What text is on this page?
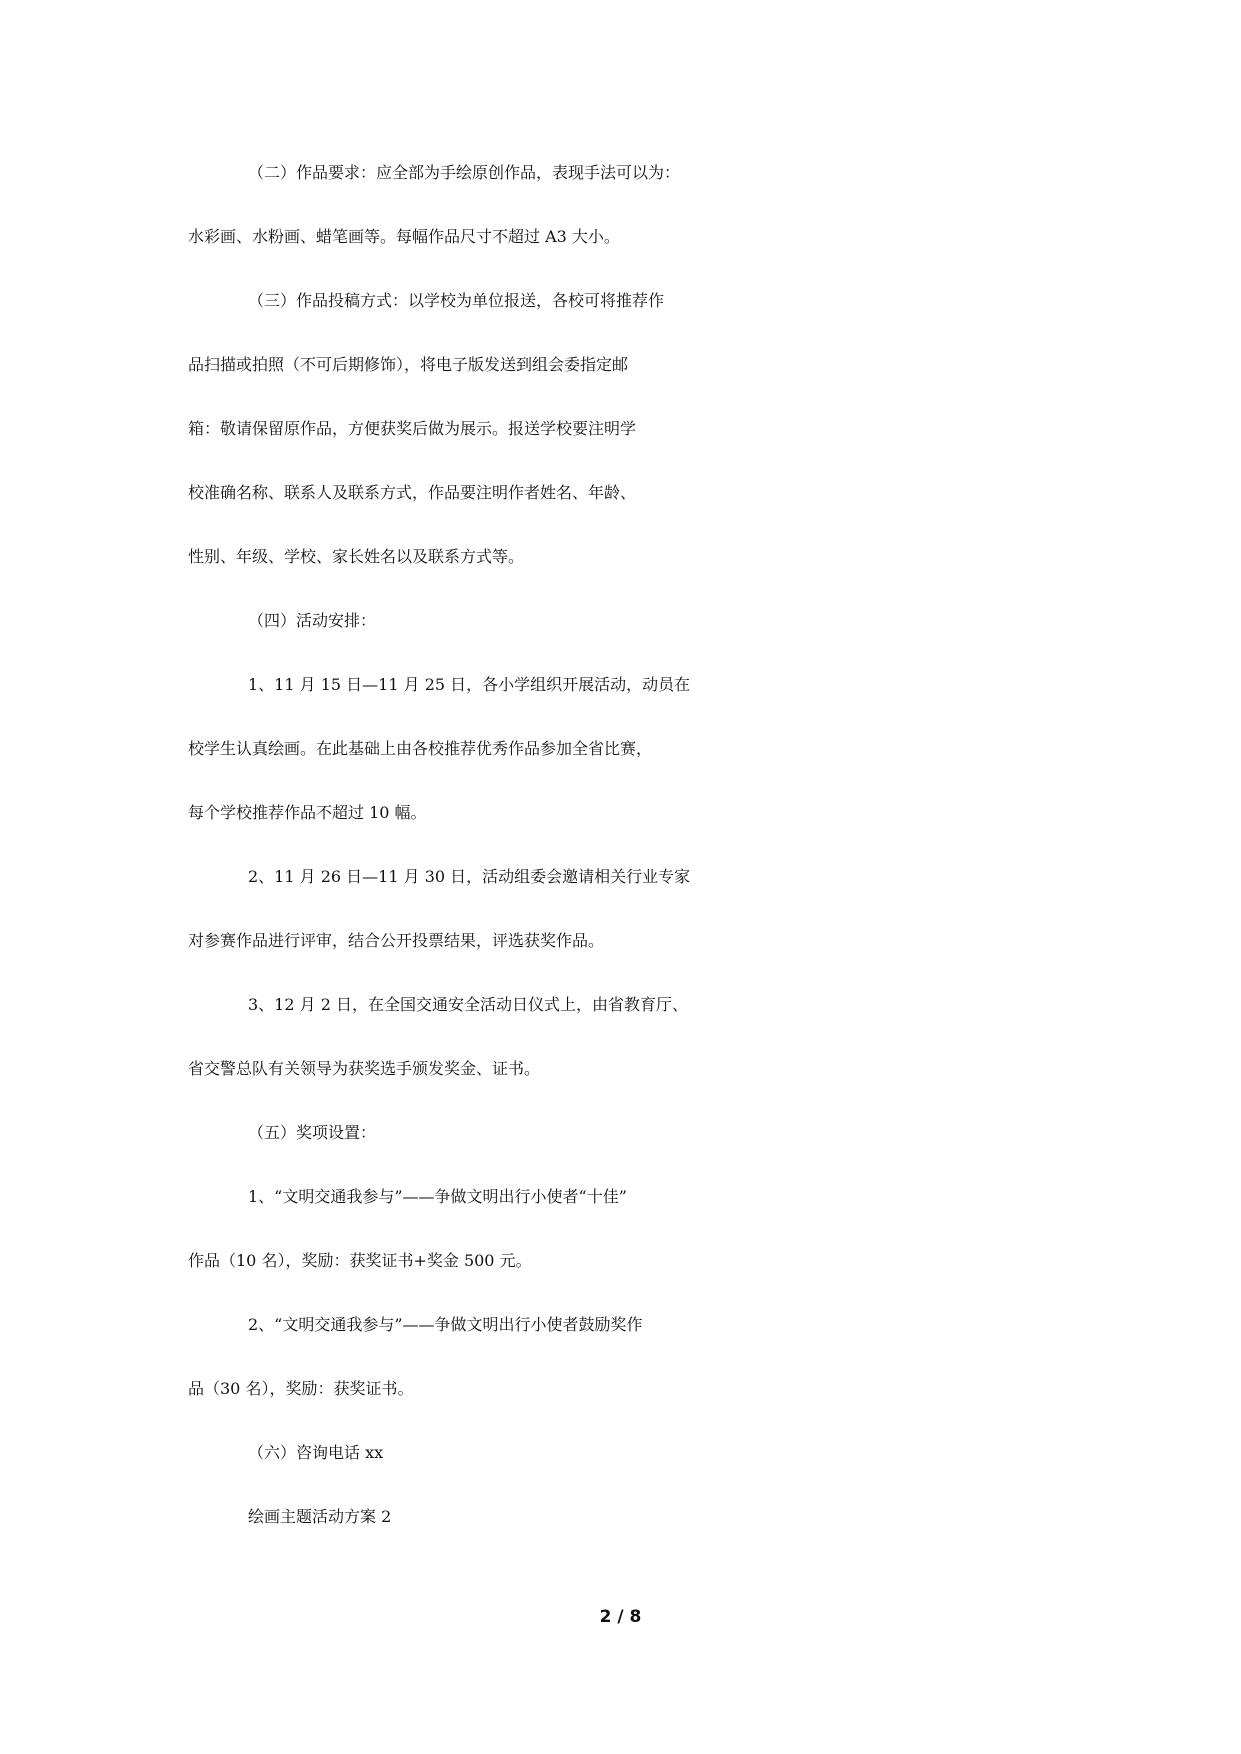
（二）作品要求：应全部为手绘原创作品，表现手法可以为：
水彩画、水粉画、蜡笔画等。每幅作品尺寸不超过 A3 大小。
（三）作品投稿方式：以学校为单位报送，各校可将推荐作
品扫描或拍照（不可后期修饰），将电子版发送到组会委指定邮
箱：敬请保留原作品，方便获奖后做为展示。报送学校要注明学
校准确名称、联系人及联系方式，作品要注明作者姓名、年龄、
性别、年级、学校、家长姓名以及联系方式等。
（四）活动安排：
1、11 月 15 日—11 月 25 日，各小学组织开展活动，动员在
校学生认真绘画。在此基础上由各校推荐优秀作品参加全省比赛，
每个学校推荐作品不超过 10 幅。
2、11 月 26 日—11 月 30 日，活动组委会邀请相关行业专家
对参赛作品进行评审，结合公开投票结果，评选获奖作品。
3、12 月 2 日，在全国交通安全活动日仪式上，由省教育厅、
省交警总队有关领导为获奖选手颁发奖金、证书。
（五）奖项设置：
1、“文明交通我参与”——争做文明出行小使者“十佳”
作品（10 名），奖励：获奖证书+奖金 500 元。
2、“文明交通我参与”——争做文明出行小使者鼓励奖作
品（30 名），奖励：获奖证书。
（六）咨询电话 xx
绘画主题活动方案 2
2 / 8
